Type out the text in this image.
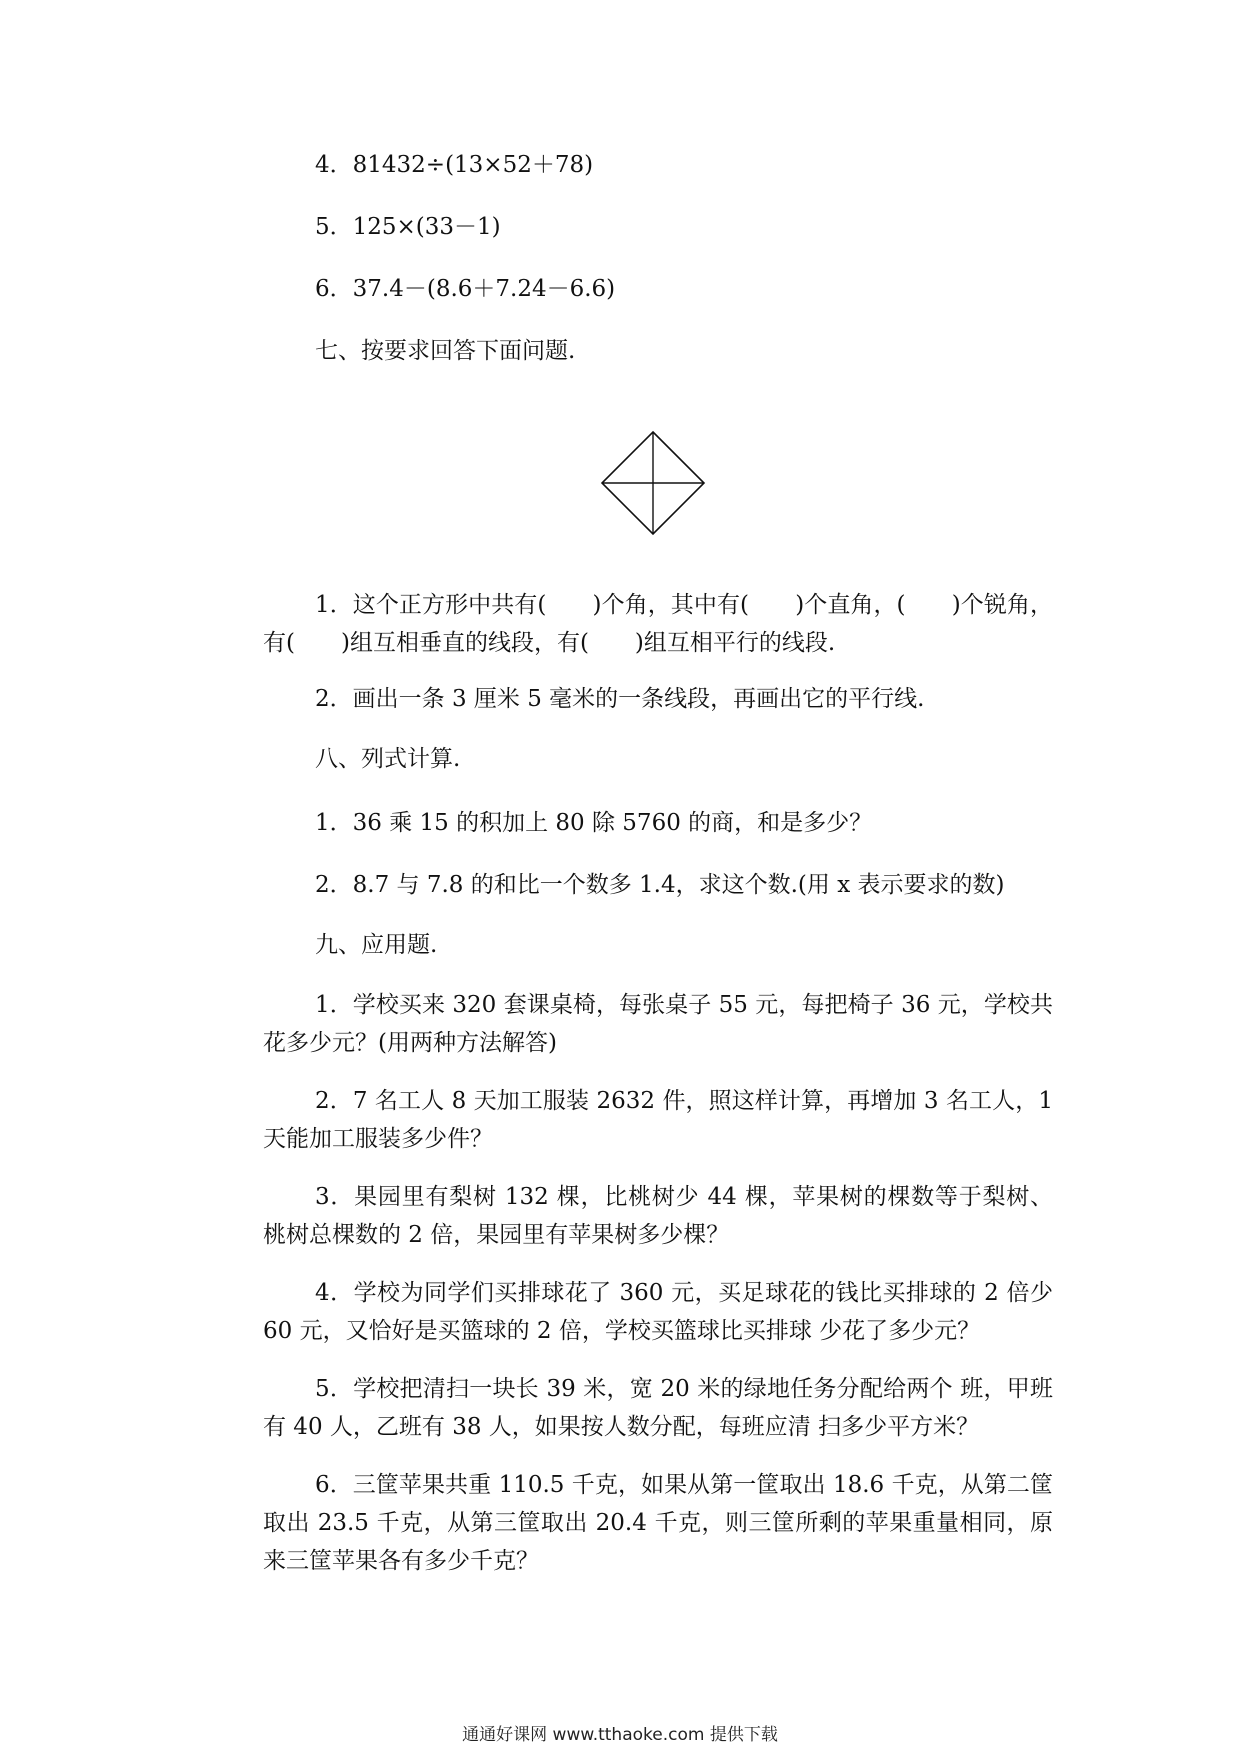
4．81432÷(13×52＋78)
5．125×(33－1)
6．37.4－(8.6＋7.24－6.6)
七、按要求回答下面问题.
1．这个正方形中共有(　　)个角，其中有(　　)个直角，(　　)个锐角，有(　　)组互相垂直的线段，有(　　)组互相平行的线段.
2．画出一条 3 厘米 5 毫米的一条线段，再画出它的平行线.
八、列式计算.
1．36 乘 15 的积加上 80 除 5760 的商，和是多少？
2．8.7 与 7.8 的和比一个数多 1.4，求这个数.(用 x 表示要求的数)
九、应用题.
1．学校买来 320 套课桌椅，每张桌子 55 元，每把椅子 36 元，学校共花多少元？(用两种方法解答)
2．7 名工人 8 天加工服装 2632 件，照这样计算，再增加 3 名工人，1 天能加工服装多少件？
3．果园里有梨树 132 棵，比桃树少 44 棵，苹果树的棵数等于梨树、桃树总棵数的 2 倍，果园里有苹果树多少棵？
4．学校为同学们买排球花了 360 元，买足球花的钱比买排球的 2 倍少 60 元，又恰好是买篮球的 2 倍，学校买篮球比买排球 少花了多少元？
5．学校把清扫一块长 39 米，宽 20 米的绿地任务分配给两个 班，甲班有 40 人，乙班有 38 人，如果按人数分配，每班应清 扫多少平方米？
6．三筐苹果共重 110.5 千克，如果从第一筐取出 18.6 千克，从第二筐取出 23.5 千克，从第三筐取出 20.4 千克，则三筐所剩的苹果重量相同，原来三筐苹果各有多少千克？
通通好课网 www.tthaoke.com 提供下载
